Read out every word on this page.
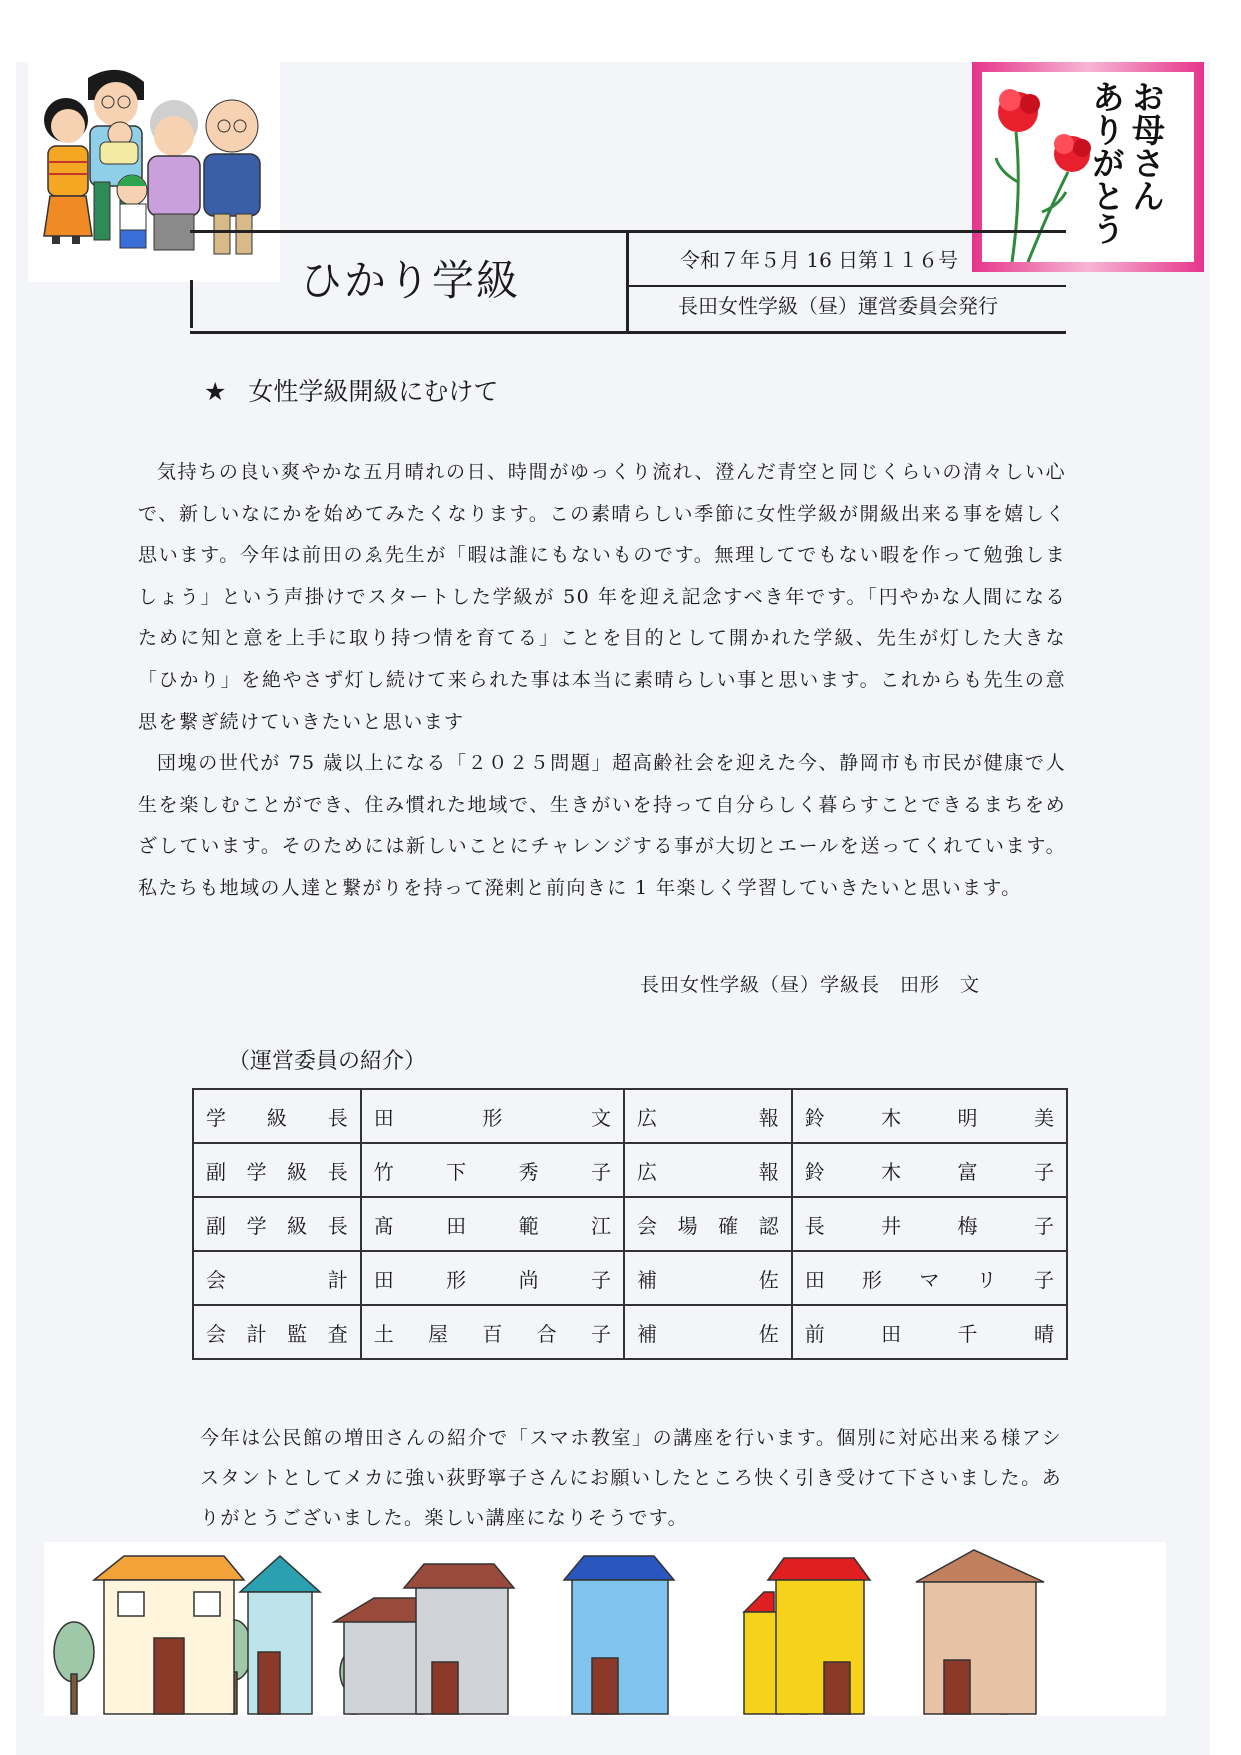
お母さん
ありがとう
ひかり学級	令和７年５月 16 日第１１６号
長田女性学級（昼）運営委員会発行
★ 女性学級開級にむけて

気持ちの良い爽やかな五月晴れの日、時間がゆっくり流れ、澄んだ青空と同じくらいの清々しい心で、新しいなにかを始めてみたくなります。この素晴らしい季節に女性学級が開級出来る事を嬉しく思います。今年は前田のゑ先生が「暇は誰にもないものです。無理してでもない暇を作って勉強しましょう」という声掛けでスタートした学級が 50 年を迎え記念すべき年です。「円やかな人間になるために知と意を上手に取り持つ情を育てる」ことを目的として開かれた学級、先生が灯した大きな「ひかり」を絶やさず灯し続けて来られた事は本当に素晴らしい事と思います。これからも先生の意思を繋ぎ続けていきたいと思います

団塊の世代が 75 歳以上になる「２０２５問題」超高齢社会を迎えた今、静岡市も市民が健康で人生を楽しむことができ、住み慣れた地域で、生きがいを持って自分らしく暮らすことできるまちをめざしています。そのためには新しいことにチャレンジする事が大切とエールを送ってくれています。私たちも地域の人達と繋がりを持って溌剌と前向きに 1 年楽しく学習していきたいと思います。

長田女性学級（昼）学級長　田形　文
（運営委員の紹介）
学 級 長	田 形 文	広 報	鈴 木 明 美

副 学 級 長	竹 下 秀 子	広 報	鈴 木 富 子

副 学 級 長	髙 田 範 江	会 場 確 認	長 井 梅 子

会 計	田 形 尚 子	補 佐	田 形 マ リ 子

会 計 監 査	土 屋 百 合 子	補 佐	前 田 千 晴

今年は公民館の増田さんの紹介で「スマホ教室」の講座を行います。個別に対応出来る様アシスタントとしてメカに強い荻野寧子さんにお願いしたところ快く引き受けて下さいました。ありがとうございました。楽しい講座になりそうです。
